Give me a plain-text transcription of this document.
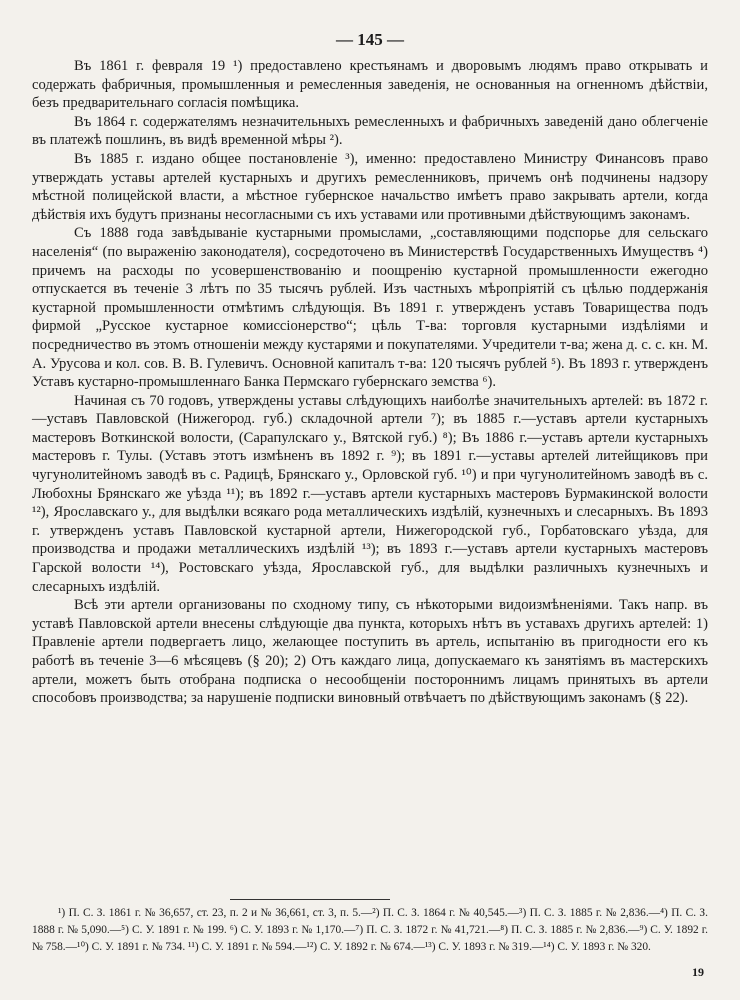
— 145 —

Въ 1861 г. февраля 19 ¹) предоставлено крестьянамъ и дворовымъ людямъ право открывать и содержать фабричныя, промышленныя и ремесленныя заведенія, не основанныя на огненномъ дѣйствіи, безъ предварительнаго согласія помѣщика.

Въ 1864 г. содержателямъ незначительныхъ ремесленныхъ и фабричныхъ заведеній дано облегченіе въ платежѣ пошлинъ, въ видѣ временной мѣры ²).

Въ 1885 г. издано общее постановленіе ³), именно: предоставлено Министру Финансовъ право утверждать уставы артелей кустарныхъ и другихъ ремесленниковъ, причемъ онѣ подчинены надзору мѣстной полицейской власти, а мѣстное губернское начальство имѣетъ право закрывать артели, когда дѣйствія ихъ будутъ признаны несогласными съ ихъ уставами или противными дѣйствующимъ законамъ.

Съ 1888 года завѣдываніе кустарными промыслами, „составляющими подспорье для сельскаго населенія“ (по выраженію законодателя), сосредоточено въ Министерствѣ Государственныхъ Имуществъ ⁴) причемъ на расходы по усовершенствованію и поощренію кустарной промышленности ежегодно отпускается въ теченіе 3 лѣтъ по 35 тысячъ рублей. Изъ частныхъ мѣропріятій съ цѣлью поддержанія кустарной промышленности отмѣтимъ слѣдующія. Въ 1891 г. утвержденъ уставъ Товарищества подъ фирмой „Русское кустарное комиссіонерство“; цѣль Т-ва: торговля кустарными издѣліями и посредничество въ этомъ отношеніи между кустарями и покупателями. Учредители т-ва; жена д. с. с. кн. М. А. Урусова и кол. сов. В. В. Гулевичъ. Основной капиталъ т-ва: 120 тысячъ рублей ⁵). Въ 1893 г. утвержденъ Уставъ кустарно-промышленнаго Банка Пермскаго губернскаго земства ⁶).

Начиная съ 70 годовъ, утверждены уставы слѣдующихъ наиболѣе значительныхъ артелей: въ 1872 г.—уставъ Павловской (Нижегород. губ.) складочной артели ⁷); въ 1885 г.—уставъ артели кустарныхъ мастеровъ Воткинской волости, (Сарапулскаго у., Вятской губ.) ⁸); Въ 1886 г.—уставъ артели кустарныхъ мастеровъ г. Тулы. (Уставъ этотъ измѣненъ въ 1892 г. ⁹); въ 1891 г.—уставы артелей литейщиковъ при чугунолитейномъ заводѣ въ с. Радицѣ, Брянскаго у., Орловской губ. ¹⁰) и при чугунолитейномъ заводѣ въ с. Любохны Брянскаго же уѣзда ¹¹); въ 1892 г.—уставъ артели кустарныхъ мастеровъ Бурмакинской волости ¹²), Ярославскаго у., для выдѣлки всякаго рода металлическихъ издѣлій, кузнечныхъ и слесарныхъ. Въ 1893 г. утвержденъ уставъ Павловской кустарной артели, Нижегородской губ., Горбатовскаго уѣзда, для производства и продажи металлическихъ издѣлій ¹³); въ 1893 г.—уставъ артели кустарныхъ мастеровъ Гарской волости ¹⁴), Ростовскаго уѣзда, Ярославской губ., для выдѣлки различныхъ кузнечныхъ и слесарныхъ издѣлій.

Всѣ эти артели организованы по сходному типу, съ нѣкоторыми видоизмѣненіями. Такъ напр. въ уставѣ Павловской артели внесены слѣдующіе два пункта, которыхъ нѣтъ въ уставахъ другихъ артелей: 1) Правленіе артели подвергаетъ лицо, желающее поступить въ артель, испытанію въ пригодности его къ работѣ въ теченіе 3—6 мѣсяцевъ (§ 20); 2) Отъ каждаго лица, допускаемаго къ занятіямъ въ мастерскихъ артели, можетъ быть отобрана подписка о несообщеніи постороннимъ лицамъ принятыхъ въ артели способовъ производства; за нарушеніе подписки виновный отвѣчаетъ по дѣйствующимъ законамъ (§ 22).

¹) П. С. З. 1861 г. № 36,657, ст. 23, п. 2 и № 36,661, ст. 3, п. 5.—²) П. С. З. 1864 г. № 40,545.—³) П. С. З. 1885 г. № 2,836.—⁴) П. С. З. 1888 г. № 5,090.—⁵) С. У. 1891 г. № 199. ⁶) С. У. 1893 г. № 1,170.—⁷) П. С. З. 1872 г. № 41,721.—⁸) П. С. З. 1885 г. № 2,836.—⁹) С. У. 1892 г. № 758.—¹⁰) С. У. 1891 г. № 734. ¹¹) С. У. 1891 г. № 594.—¹²) С. У. 1892 г. № 674.—¹³) С. У. 1893 г. № 319.—¹⁴) С. У. 1893 г. № 320.
19
